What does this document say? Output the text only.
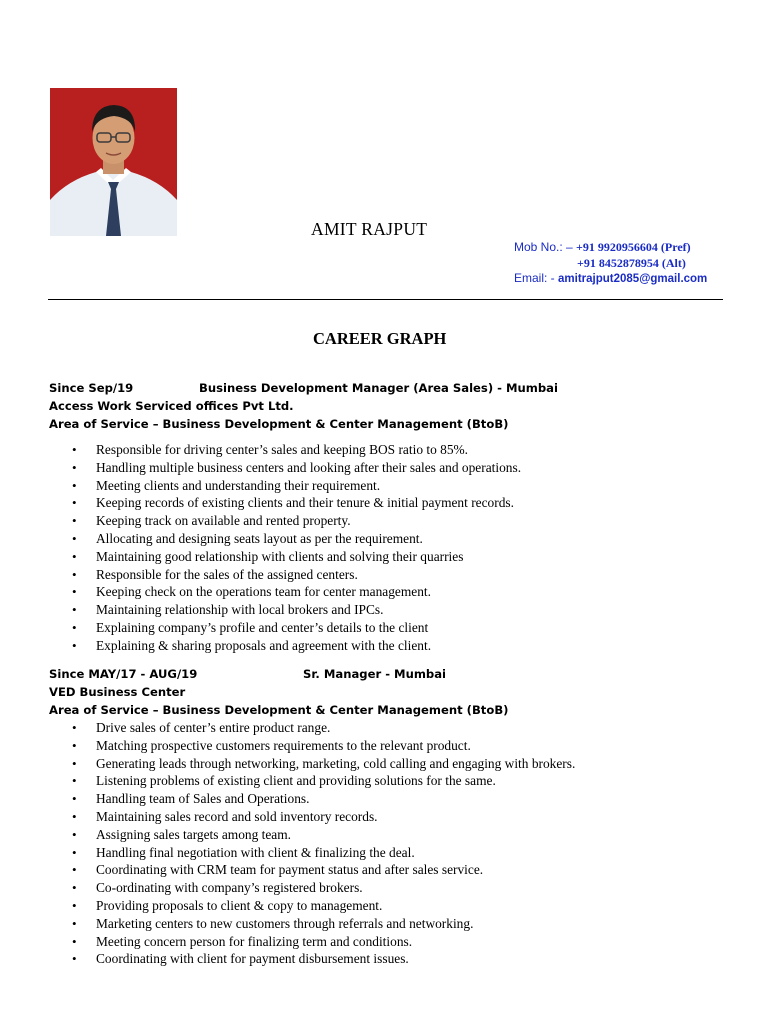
AMIT RAJPUT
Mob No.: – +91 9920956604 (Pref)
+91 8452878954 (Alt)
Email: - amitrajput2085@gmail.com
CAREER GRAPH
Since Sep/19	Business Development Manager (Area Sales) - Mumbai
Access Work Serviced offices Pvt Ltd.
Area of Service – Business Development & Center Management (BtoB)
• Responsible for driving center’s sales and keeping BOS ratio to 85%.
• Handling multiple business centers and looking after their sales and operations.
• Meeting clients and understanding their requirement.
• Keeping records of existing clients and their tenure & initial payment records.
• Keeping track on available and rented property.
• Allocating and designing seats layout as per the requirement.
• Maintaining good relationship with clients and solving their quarries
• Responsible for the sales of the assigned centers.
• Keeping check on the operations team for center management.
• Maintaining relationship with local brokers and IPCs.
• Explaining company’s profile and center’s details to the client
• Explaining & sharing proposals and agreement with the client.
Since MAY/17 - AUG/19	Sr. Manager - Mumbai
VED Business Center
Area of Service – Business Development & Center Management (BtoB)
• Drive sales of center’s entire product range.
• Matching prospective customers requirements to the relevant product.
• Generating leads through networking, marketing, cold calling and engaging with brokers.
• Listening problems of existing client and providing solutions for the same.
• Handling team of Sales and Operations.
• Maintaining sales record and sold inventory records.
• Assigning sales targets among team.
• Handling final negotiation with client & finalizing the deal.
• Coordinating with CRM team for payment status and after sales service.
• Co-ordinating with company’s registered brokers.
• Providing proposals to client & copy to management.
• Marketing centers to new customers through referrals and networking.
• Meeting concern person for finalizing term and conditions.
• Coordinating with client for payment disbursement issues.
